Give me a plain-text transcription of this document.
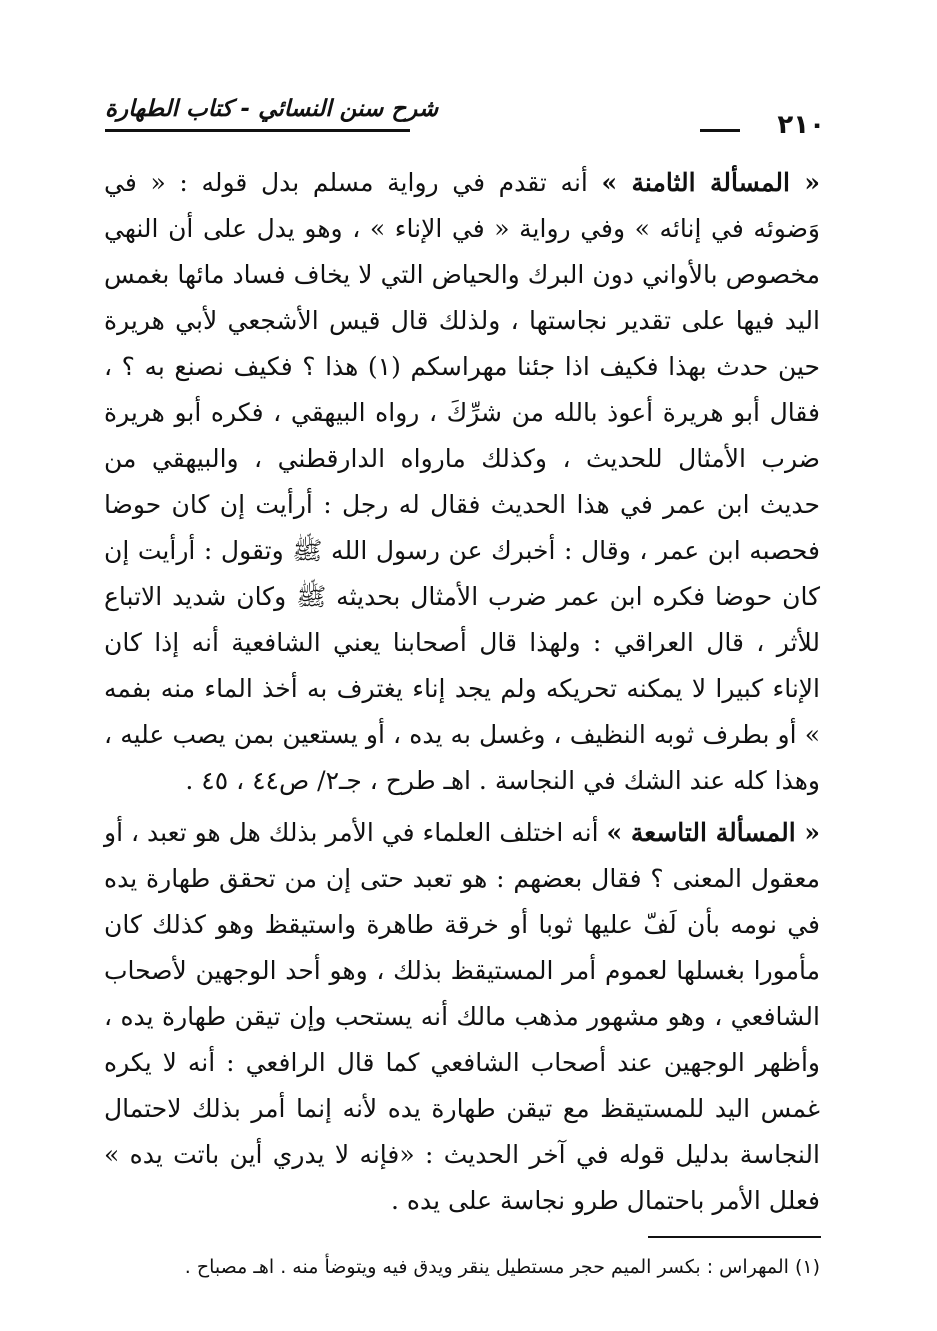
٢١٠
شرح سنن النسائي - كتاب الطهارة

« المسألة الثامنة » أنه تقدم في رواية مسلم بدل قوله : « في وَضوئه في إنائه » وفي رواية « في الإناء » ، وهو يدل على أن النهي مخصوص بالأواني دون البرك والحياض التي لا يخاف فساد مائها بغمس اليد فيها على تقدير نجاستها ، ولذلك قال قيس الأشجعي لأبي هريرة حين حدث بهذا فكيف اذا جئنا مهراسكم (١) هذا ؟ فكيف نصنع به ؟ ، فقال أبو هريرة أعوذ بالله من شرِّكَ ، رواه البيهقي ، فكره أبو هريرة ضرب الأمثال للحديث ، وكذلك مارواه الدارقطني ، والبيهقي من حديث ابن عمر في هذا الحديث فقال له رجل : أرأيت إن كان حوضا فحصبه ابن عمر ، وقال : أخبرك عن رسول الله ﷺ وتقول : أرأيت إن كان حوضا فكره ابن عمر ضرب الأمثال بحديثه ﷺ وكان شديد الاتباع للأثر ، قال العراقي : ولهذا قال أصحابنا يعني الشافعية أنه إذا كان الإناء كبيرا لا يمكنه تحريكه ولم يجد إناء يغترف به أخذ الماء منه بفمه » أو بطرف ثوبه النظيف ، وغسل به يده ، أو يستعين بمن يصب عليه ، وهذا كله عند الشك في النجاسة . اهـ طرح ، جـ٢/ ص٤٤ ، ٤٥ .

« المسألة التاسعة » أنه اختلف العلماء في الأمر بذلك هل هو تعبد ، أو معقول المعنى ؟ فقال بعضهم : هو تعبد حتى إن من تحقق طهارة يده في نومه بأن لَفّ عليها ثوبا أو خرقة طاهرة واستيقظ وهو كذلك كان مأمورا بغسلها لعموم أمر المستيقظ بذلك ، وهو أحد الوجهين لأصحاب الشافعي ، وهو مشهور مذهب مالك أنه يستحب وإن تيقن طهارة يده ، وأظهر الوجهين عند أصحاب الشافعي كما قال الرافعي : أنه لا يكره غمس اليد للمستيقظ مع تيقن طهارة يده لأنه إنما أمر بذلك لاحتمال النجاسة بدليل قوله في آخر الحديث : «فإنه لا يدري أين باتت يده » فعلل الأمر باحتمال طرو نجاسة على يده .

(١) المهراس : بكسر الميم حجر مستطيل ينقر ويدق فيه ويتوضأ منه . اهـ مصباح .
